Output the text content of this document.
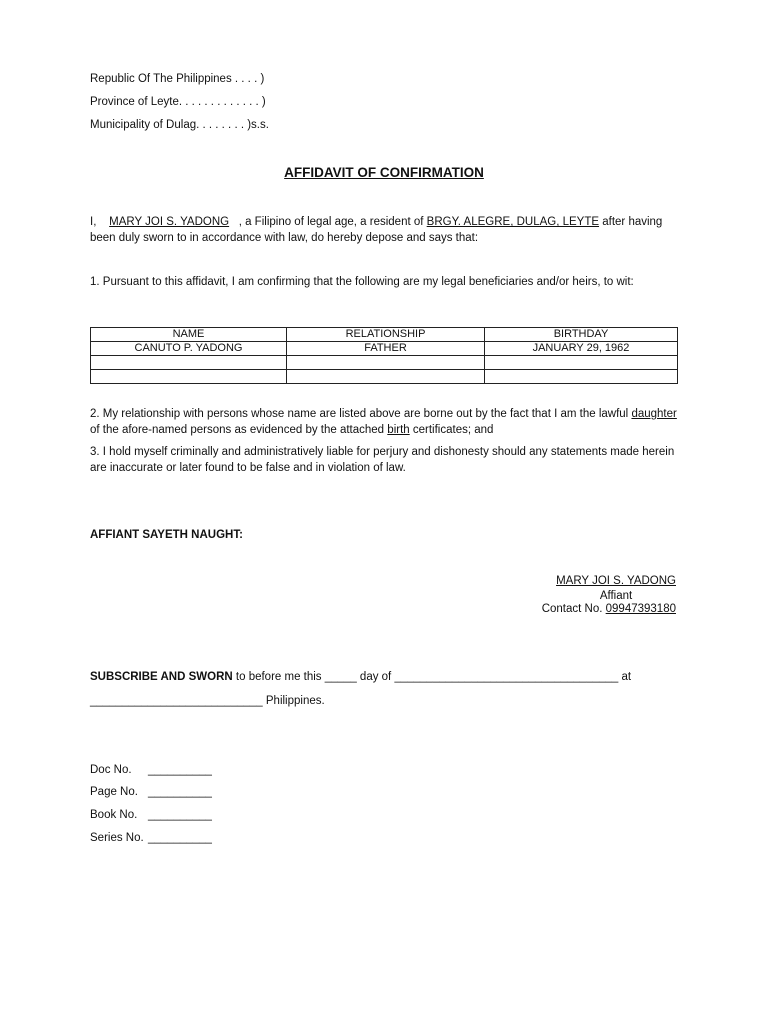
Republic Of The Philippines . . . . )
Province of Leyte. . . . . . . . . . . . . )
Municipality of Dulag. . . . . . . . )s.s.
AFFIDAVIT OF CONFIRMATION
I, MARY JOI S. YADONG , a Filipino of legal age, a resident of BRGY. ALEGRE, DULAG, LEYTE after having been duly sworn to in accordance with law, do hereby depose and says that:
1. Pursuant to this affidavit, I am confirming that the following are my legal beneficiaries and/or heirs, to wit:
NAME	RELATIONSHIP	BIRTHDAY
CANUTO P. YADONG	FATHER	JANUARY 29, 1962

2. My relationship with persons whose name are listed above are borne out by the fact that I am the lawful daughter of the afore-named persons as evidenced by the attached birth certificates; and
3. I hold myself criminally and administratively liable for perjury and dishonesty should any statements made herein are inaccurate or later found to be false and in violation of law.
AFFIANT SAYETH NAUGHT:
MARY JOI S. YADONG
Affiant
Contact No. 09947393180
SUBSCRIBE AND SWORN to before me this _____ day of ___________________________________ at
___________________________ Philippines.
Doc No. __________
Page No. __________
Book No. __________
Series No. __________
